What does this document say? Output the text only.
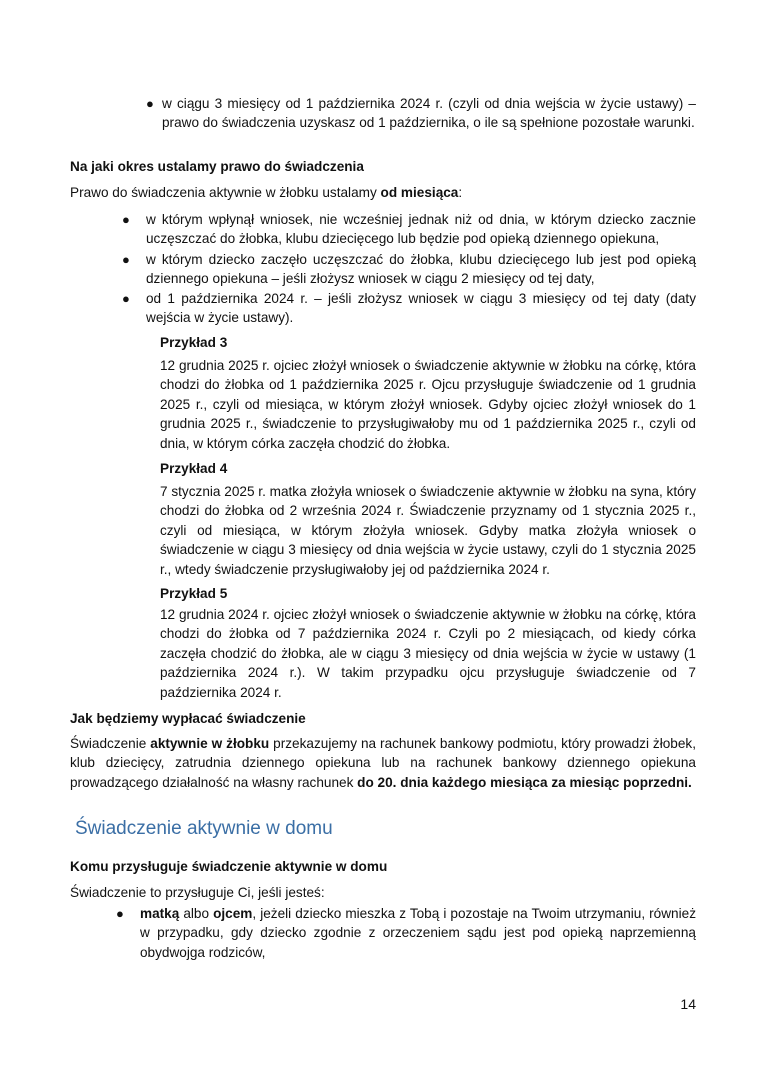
● w ciągu 3 miesięcy od 1 października 2024 r. (czyli od dnia wejścia w życie ustawy) – prawo do świadczenia uzyskasz od 1 października, o ile są spełnione pozostałe warunki.

Na jaki okres ustalamy prawo do świadczenia

Prawo do świadczenia aktywnie w żłobku ustalamy od miesiąca:

● w którym wpłynął wniosek, nie wcześniej jednak niż od dnia, w którym dziecko zacznie uczęszczać do żłobka, klubu dziecięcego lub będzie pod opieką dziennego opiekuna,

● w którym dziecko zaczęło uczęszczać do żłobka, klubu dziecięcego lub jest pod opieką dziennego opiekuna – jeśli złożysz wniosek w ciągu 2 miesięcy od tej daty,

● od 1 października 2024 r. – jeśli złożysz wniosek w ciągu 3 miesięcy od tej daty (daty wejścia w życie ustawy).

Przykład 3

12 grudnia 2025 r. ojciec złożył wniosek o świadczenie aktywnie w żłobku na córkę, która chodzi do żłobka od 1 października 2025 r. Ojcu przysługuje świadczenie od 1 grudnia 2025 r., czyli od miesiąca, w którym złożył wniosek. Gdyby ojciec złożył wniosek do 1 grudnia 2025 r., świadczenie to przysługiwałoby mu od 1 października 2025 r., czyli od dnia, w którym córka zaczęła chodzić do żłobka.

Przykład 4

7 stycznia 2025 r. matka złożyła wniosek o świadczenie aktywnie w żłobku na syna, który chodzi do żłobka od 2 września 2024 r. Świadczenie przyznamy od 1 stycznia 2025 r., czyli od miesiąca, w którym złożyła wniosek. Gdyby matka złożyła wniosek o świadczenie w ciągu 3 miesięcy od dnia wejścia w życie ustawy, czyli do 1 stycznia 2025 r., wtedy świadczenie przysługiwałoby jej od października 2024 r.

Przykład 5

12 grudnia 2024 r. ojciec złożył wniosek o świadczenie aktywnie w żłobku na córkę, która chodzi do żłobka od 7 października 2024 r. Czyli po 2 miesiącach, od kiedy córka zaczęła chodzić do żłobka, ale w ciągu 3 miesięcy od dnia wejścia w życie w ustawy (1 października 2024 r.). W takim przypadku ojcu przysługuje świadczenie od 7 października 2024 r.

Jak będziemy wypłacać świadczenie

Świadczenie aktywnie w żłobku przekazujemy na rachunek bankowy podmiotu, który prowadzi żłobek, klub dziecięcy, zatrudnia dziennego opiekuna lub na rachunek bankowy dziennego opiekuna prowadzącego działalność na własny rachunek do 20. dnia każdego miesiąca za miesiąc poprzedni.

Świadczenie aktywnie w domu

Komu przysługuje świadczenie aktywnie w domu

Świadczenie to przysługuje Ci, jeśli jesteś:

● matką albo ojcem, jeżeli dziecko mieszka z Tobą i pozostaje na Twoim utrzymaniu, również w przypadku, gdy dziecko zgodnie z orzeczeniem sądu jest pod opieką naprzemienną obydwojga rodziców,

14
